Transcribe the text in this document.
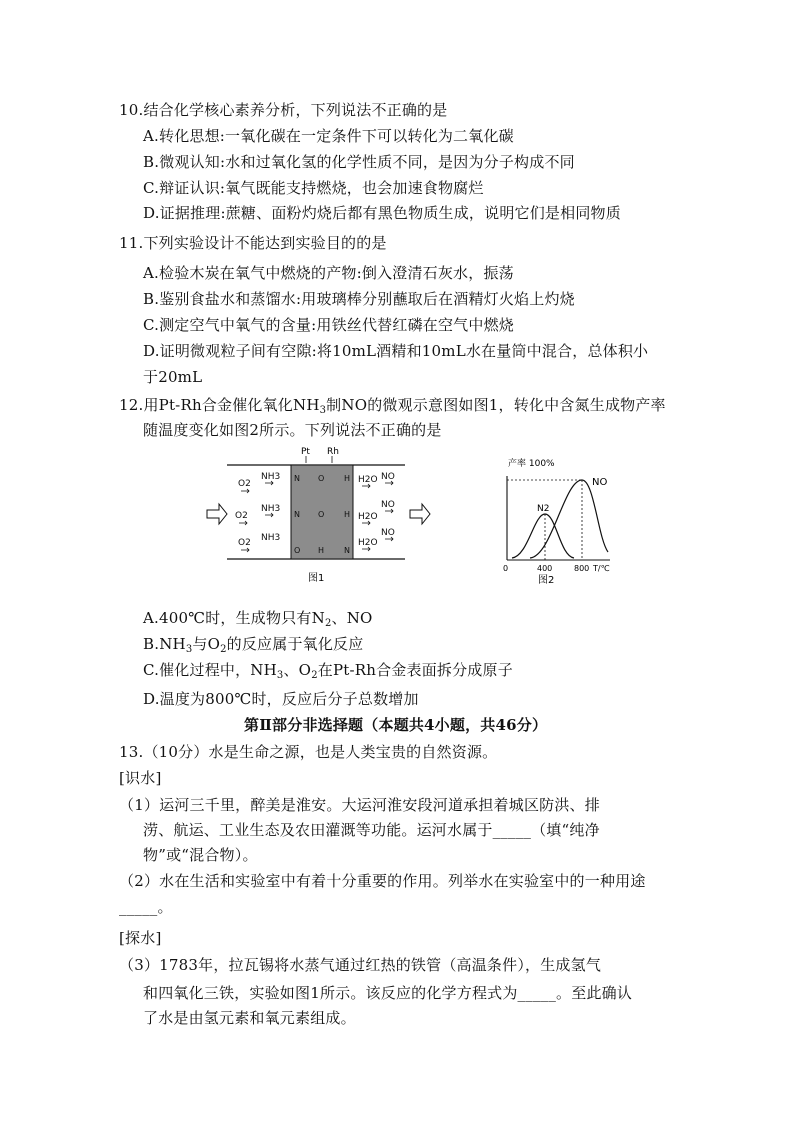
10.结合化学核心素养分析，下列说法不正确的是
A.转化思想:一氧化碳在一定条件下可以转化为二氧化碳
B.微观认知:水和过氧化氢的化学性质不同，是因为分子构成不同
C.辩证认识:氧气既能支持燃烧，也会加速食物腐烂
D.证据推理:蔗糖、面粉灼烧后都有黑色物质生成，说明它们是相同物质
11.下列实验设计不能达到实验目的的是
A.检验木炭在氧气中燃烧的产物:倒入澄清石灰水，振荡
B.鉴别食盐水和蒸馏水:用玻璃棒分别蘸取后在酒精灯火焰上灼烧
C.测定空气中氧气的含量:用铁丝代替红磷在空气中燃烧
D.证明微观粒子间有空隙:将10mL酒精和10mL水在量筒中混合，总体积小
于20mL
12.用Pt-Rh合金催化氧化$NH_3$制NO的微观示意图如图1，转化中含氮生成物产率
随温度变化如图2所示。下列说法不正确的是
Pt Rh
N O H
N O H
O H N
NH3
O2
NH3
O2
O2 NH3
H2O NO
NO
H2O
NO
H2O
图1
产率 100%
N2
NO
0	400	800 T/℃
图2
A.400℃时，生成物只有$N_2$、NO
$B.NH_3$与$O_2$的反应属于氧化反应
C.催化过程中，$NH_3$、$O_2$在Pt-Rh合金表面拆分成原子
D.温度为800℃时，反应后分子总数增加
第Ⅱ部分非选择题（本题共4小题，共46分）
13.（10分）水是生命之源，也是人类宝贵的自然资源。
[识水]
（1）运河三千里，醉美是淮安。大运河淮安段河道承担着城区防洪、排
涝、航运、工业生态及农田灌溉等功能。运河水属于_____（填“纯净
物”或“混合物）。
（2）水在生活和实验室中有着十分重要的作用。列举水在实验室中的一种用途
_____。
[探水]
（3）1783年，拉瓦锡将水蒸气通过红热的铁管（高温条件），生成氢气
和四氧化三铁，实验如图1所示。该反应的化学方程式为_____。至此确认
了水是由氢元素和氧元素组成。
